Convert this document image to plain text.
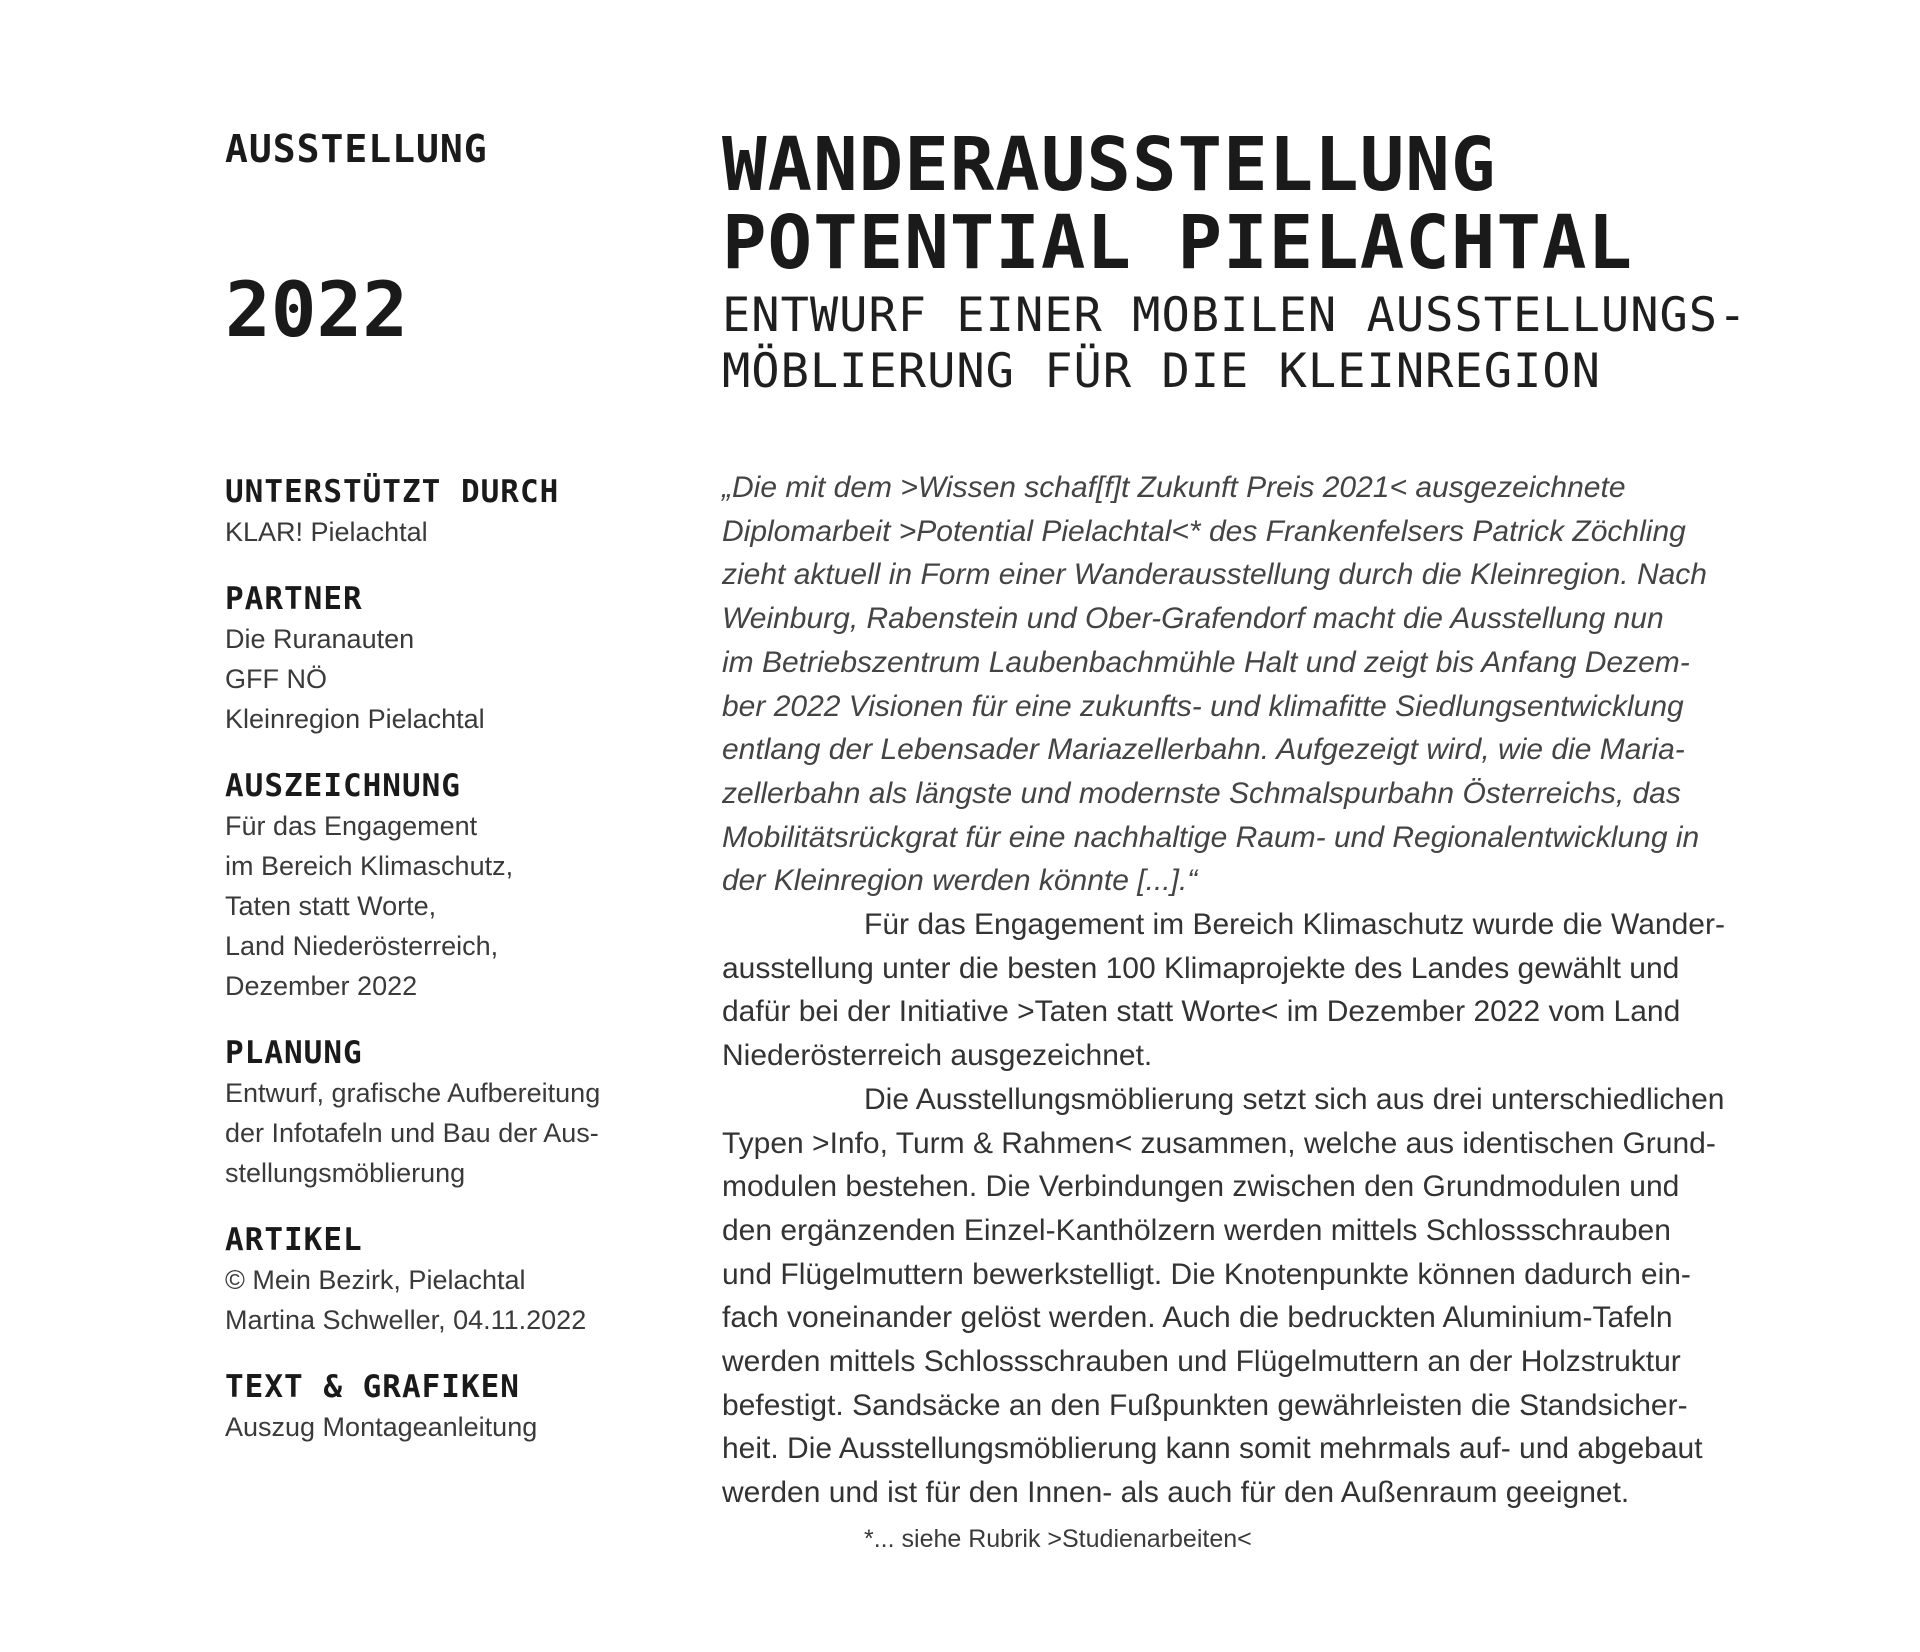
AUSSTELLUNG
2022
UNTERSTÜTZT DURCH
KLAR! Pielachtal
PARTNER
Die Ruranauten
GFF NÖ
Kleinregion Pielachtal
AUSZEICHNUNG
Für das Engagement
im Bereich Klimaschutz,
Taten statt Worte,
Land Niederösterreich,
Dezember 2022
PLANUNG
Entwurf, grafische Aufbereitung
der Infotafeln und Bau der Aus-
stellungsmöblierung
ARTIKEL
© Mein Bezirk, Pielachtal
Martina Schweller, 04.11.2022
TEXT & GRAFIKEN
Auszug Montageanleitung
WANDERAUSSTELLUNG
POTENTIAL PIELACHTAL
ENTWURF EINER MOBILEN AUSSTELLUNGS-
MÖBLIERUNG FÜR DIE KLEINREGION

„Die mit dem >Wissen schaf[f]t Zukunft Preis 2021< ausgezeichnete
Diplomarbeit >Potential Pielachtal<* des Frankenfelsers Patrick Zöchling
zieht aktuell in Form einer Wanderausstellung durch die Kleinregion. Nach
Weinburg, Rabenstein und Ober-Grafendorf macht die Ausstellung nun
im Betriebszentrum Laubenbachmühle Halt und zeigt bis Anfang Dezem-
ber 2022 Visionen für eine zukunfts- und klimafitte Siedlungsentwicklung
entlang der Lebensader Mariazellerbahn. Aufgezeigt wird, wie die Maria-
zellerbahn als längste und modernste Schmalspurbahn Österreichs, das
Mobilitätsrückgrat für eine nachhaltige Raum- und Regionalentwicklung in
der Kleinregion werden könnte [...].“

Für das Engagement im Bereich Klimaschutz wurde die Wander-
ausstellung unter die besten 100 Klimaprojekte des Landes gewählt und
dafür bei der Initiative >Taten statt Worte< im Dezember 2022 vom Land
Niederösterreich ausgezeichnet.

Die Ausstellungsmöblierung setzt sich aus drei unterschiedlichen
Typen >Info, Turm & Rahmen< zusammen, welche aus identischen Grund-
modulen bestehen. Die Verbindungen zwischen den Grundmodulen und
den ergänzenden Einzel-Kanthölzern werden mittels Schlossschrauben
und Flügelmuttern bewerkstelligt. Die Knotenpunkte können dadurch ein-
fach voneinander gelöst werden. Auch die bedruckten Aluminium-Tafeln
werden mittels Schlossschrauben und Flügelmuttern an der Holzstruktur
befestigt. Sandsäcke an den Fußpunkten gewährleisten die Standsicher-
heit. Die Ausstellungsmöblierung kann somit mehrmals auf- und abgebaut
werden und ist für den Innen- als auch für den Außenraum geeignet.

*... siehe Rubrik >Studienarbeiten<
